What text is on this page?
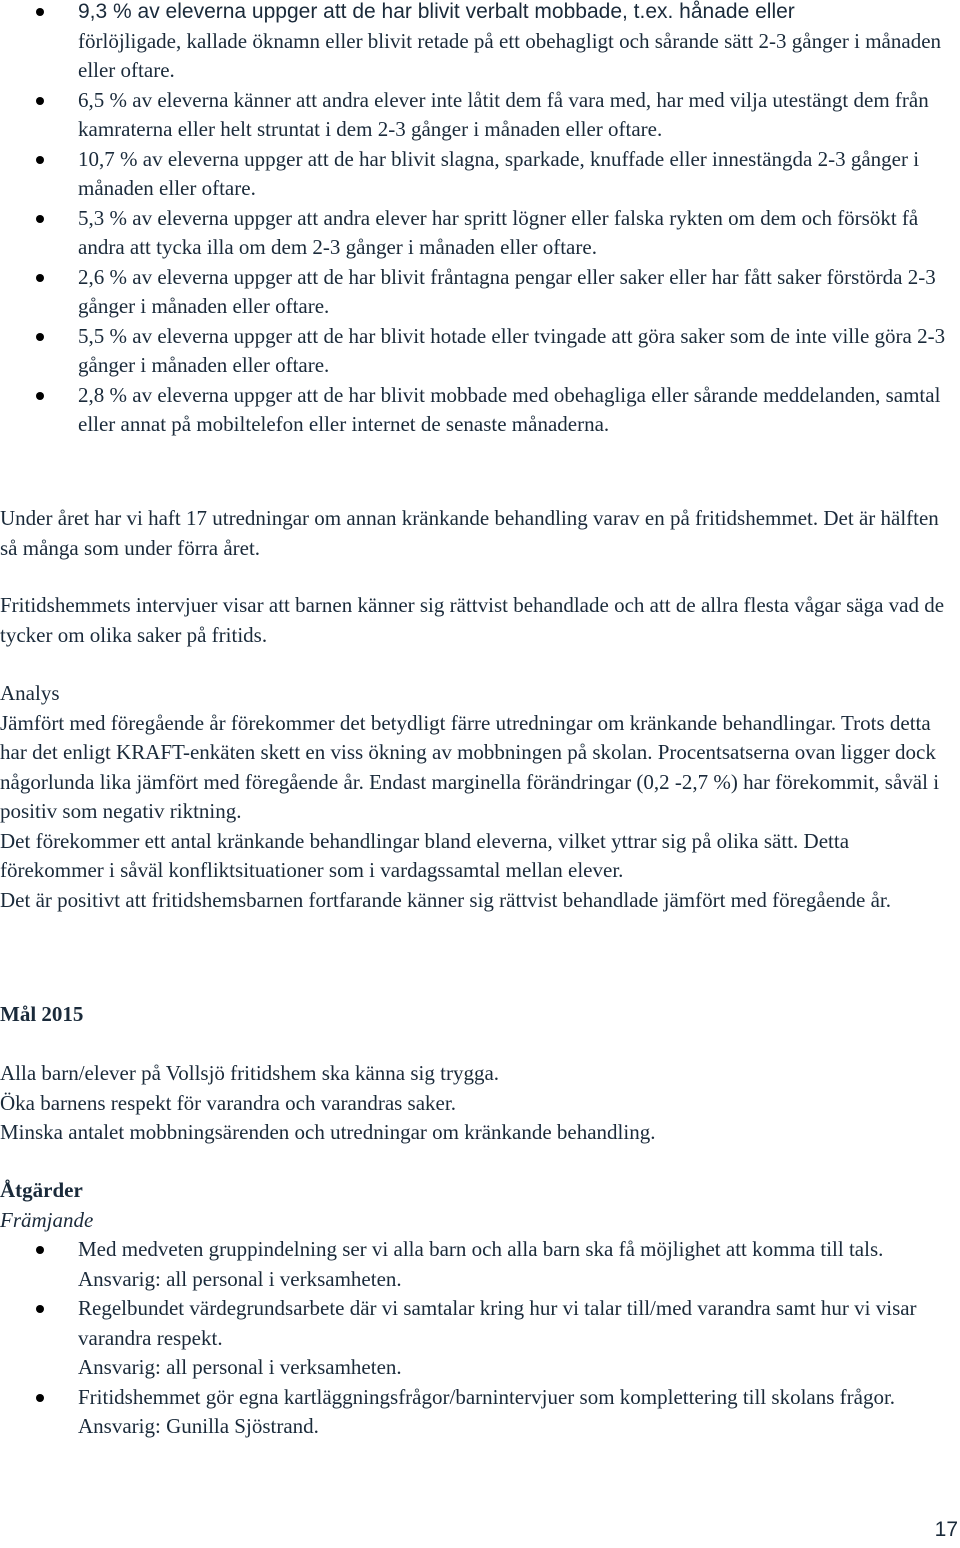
9,3 % av eleverna uppger att de har blivit verbalt mobbade, t.ex. hånade eller
förlöjligade, kallade öknamn eller blivit retade på ett obehagligt och sårande sätt 2-3 gånger i månaden eller oftare.
6,5 % av eleverna känner att andra elever inte låtit dem få vara med, har med vilja utestängt dem från kamraterna eller helt struntat i dem 2-3 gånger i månaden eller oftare.
10,7 % av eleverna uppger att de har blivit slagna, sparkade, knuffade eller innestängda 2-3 gånger i månaden eller oftare.
5,3 % av eleverna uppger att andra elever har spritt lögner eller falska rykten om dem och försökt få andra att tycka illa om dem 2-3 gånger i månaden eller oftare.
2,6 % av eleverna uppger att de har blivit fråntagna pengar eller saker eller har fått saker förstörda 2-3 gånger i månaden eller oftare.
5,5 % av eleverna uppger att de har blivit hotade eller tvingade att göra saker som de inte ville göra 2-3 gånger i månaden eller oftare.
2,8 % av eleverna uppger att de har blivit mobbade med obehagliga eller sårande meddelanden, samtal eller annat på mobiltelefon eller internet de senaste månaderna.

Under året har vi haft 17 utredningar om annan kränkande behandling varav en på fritidshemmet. Det är hälften så många som under förra året.

Fritidshemmets intervjuer visar att barnen känner sig rättvist behandlade och att de allra flesta vågar säga vad de tycker om olika saker på fritids.

Analys

Jämfört med föregående år förekommer det betydligt färre utredningar om kränkande behandlingar. Trots detta har det enligt KRAFT-enkäten skett en viss ökning av mobbningen på skolan. Procentsatserna ovan ligger dock någorlunda lika jämfört med föregående år. Endast marginella förändringar (0,2 -2,7 %) har förekommit, såväl i positiv som negativ riktning.

Det förekommer ett antal kränkande behandlingar bland eleverna, vilket yttrar sig på olika sätt. Detta förekommer i såväl konfliktsituationer som i vardagssamtal mellan elever.

Det är positivt att fritidshemsbarnen fortfarande känner sig rättvist behandlade jämfört med föregående år.

Mål 2015

Alla barn/elever på Vollsjö fritidshem ska känna sig trygga.

Öka barnens respekt för varandra och varandras saker.

Minska antalet mobbningsärenden och utredningar om kränkande behandling.

Åtgärder

Främjande

Med medveten gruppindelning ser vi alla barn och alla barn ska få möjlighet att komma till tals.
Ansvarig: all personal i verksamheten.
Regelbundet värdegrundsarbete där vi samtalar kring hur vi talar till/med varandra samt hur vi visar varandra respekt.
Ansvarig: all personal i verksamheten.
Fritidshemmet gör egna kartläggningsfrågor/barnintervjuer som komplettering till skolans frågor. Ansvarig: Gunilla Sjöstrand.
17
